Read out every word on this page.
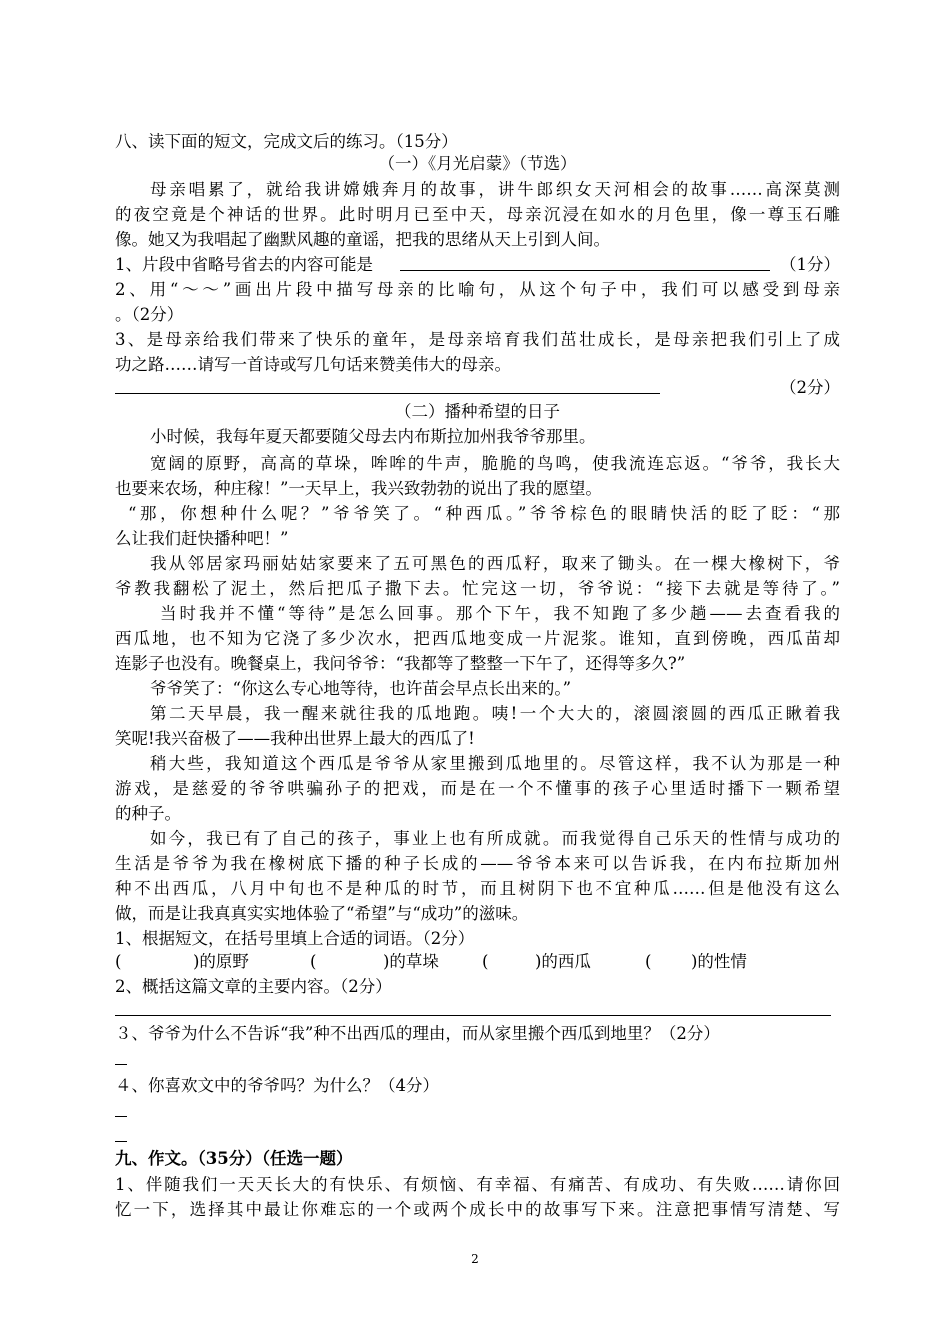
八、读下面的短文，完成文后的练习。（15分）
（一）《月光启蒙》（节选）
母亲唱累了，就给我讲嫦娥奔月的故事，讲牛郎织女天河相会的故事……高深莫测
的夜空竟是个神话的世界。此时明月已至中天，母亲沉浸在如水的月色里，像一尊玉石雕
像。她又为我唱起了幽默风趣的童谣，把我的思绪从天上引到人间。
1、片段中省略号省去的内容可能是	（1分）
2、用“～～”画出片段中描写母亲的比喻句，从这个句子中，我们可以感受到母亲
。（2分）
3、是母亲给我们带来了快乐的童年，是母亲培育我们茁壮成长，是母亲把我们引上了成
功之路……请写一首诗或写几句话来赞美伟大的母亲。
（2分）
（二）播种希望的日子
小时候，我每年夏天都要随父母去内布斯拉加州我爷爷那里。
宽阔的原野，高高的草垛，哞哞的牛声，脆脆的鸟鸣，使我流连忘返。“爷爷，我长大
也要来农场，种庄稼！”一天早上，我兴致勃勃的说出了我的愿望。
“那，你想种什么呢？”爷爷笑了。“种西瓜。”爷爷棕色的眼睛快活的眨了眨：“那
么让我们赶快播种吧！”
我从邻居家玛丽姑姑家要来了五可黑色的西瓜籽，取来了锄头。在一棵大橡树下，爷
爷教我翻松了泥土，然后把瓜子撒下去。忙完这一切，爷爷说：“接下去就是等待了。”
当时我并不懂“等待”是怎么回事。那个下午，我不知跑了多少趟——去查看我的
西瓜地，也不知为它浇了多少次水，把西瓜地变成一片泥浆。谁知，直到傍晚，西瓜苗却
连影子也没有。晚餐桌上，我问爷爷：“我都等了整整一下午了，还得等多久?”
爷爷笑了：“你这么专心地等待，也许苗会早点长出来的。”
第二天早晨，我一醒来就往我的瓜地跑。咦!一个大大的，滚圆滚圆的西瓜正瞅着我
笑呢!我兴奋极了——我种出世界上最大的西瓜了!
稍大些，我知道这个西瓜是爷爷从家里搬到瓜地里的。尽管这样，我不认为那是一种
游戏，是慈爱的爷爷哄骗孙子的把戏，而是在一个不懂事的孩子心里适时播下一颗希望
的种子。
如今，我已有了自己的孩子，事业上也有所成就。而我觉得自己乐天的性情与成功的
生活是爷爷为我在橡树底下播的种子长成的——爷爷本来可以告诉我，在内布拉斯加州
种不出西瓜，八月中旬也不是种瓜的时节，而且树阴下也不宜种瓜……但是他没有这么
做，而是让我真真实实地体验了“希望”与“成功”的滋味。
1、根据短文，在括号里填上合适的词语。（2分）
(	)的原野	(	)的草垛	(	)的西瓜	( )的性情
2、概括这篇文章的主要内容。（2分）
３、爷爷为什么不告诉“我”种不出西瓜的理由，而从家里搬个西瓜到地里？（2分）
４、你喜欢文中的爷爷吗？为什么？（4分）
九、作文。（35分）（任选一题）
1、伴随我们一天天长大的有快乐、有烦恼、有幸福、有痛苦、有成功、有失败……请你回
忆一下，选择其中最让你难忘的一个或两个成长中的故事写下来。注意把事情写清楚、写
2
